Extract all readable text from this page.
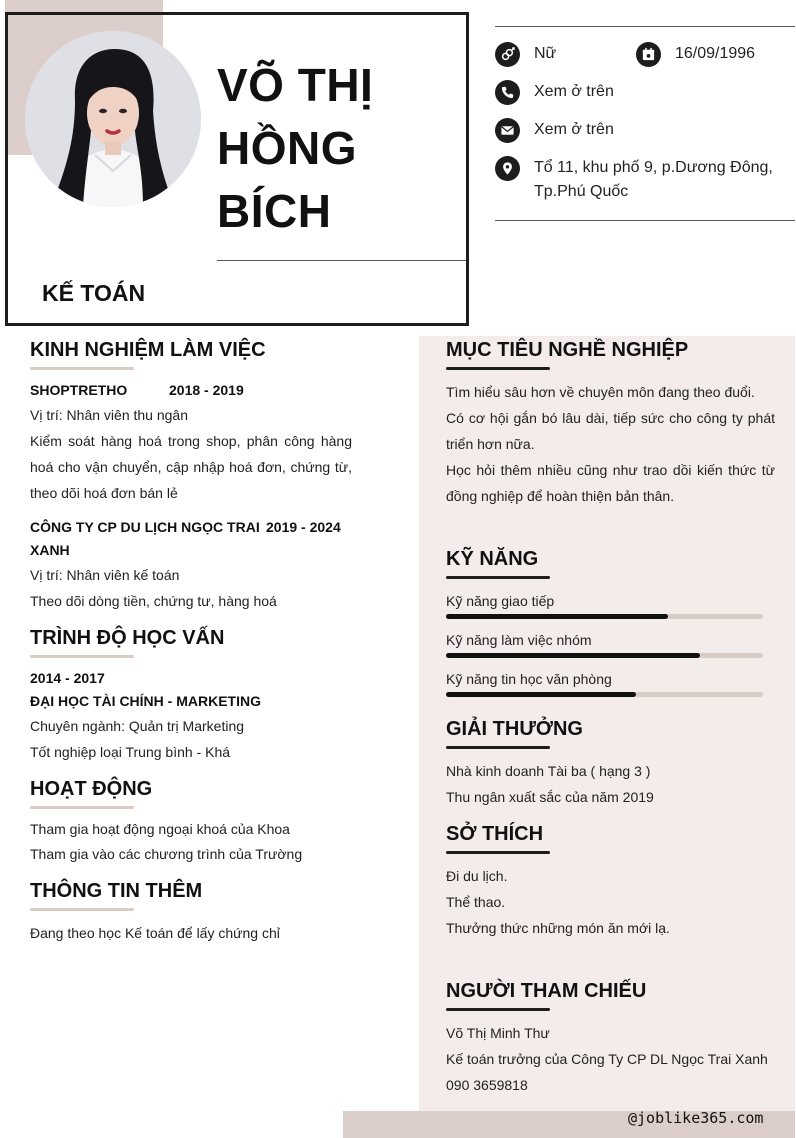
VÕ THỊ
HỒNG
BÍCH
KẾ TOÁN
Nữ	16/09/1996
Xem ở trên
Xem ở trên
Tổ 11, khu phố 9, p.Dương Đông,
Tp.Phú Quốc
@joblike365.com
KINH NGHIỆM LÀM VIỆC
SHOPTRETHO	2018 - 2019
Vị trí: Nhân viên thu ngân
Kiểm soát hàng hoá trong shop, phân công hàng hoá cho vận chuyển, cập nhập hoá đơn, chứng từ, theo dõi hoá đơn bán lẻ
CÔNG TY CP DU LỊCH NGỌC TRAI 2019 - 2024
XANH
Vị trí: Nhân viên kế toán
Theo dõi dòng tiền, chứng tư, hàng hoá
TRÌNH ĐỘ HỌC VẤN
2014 - 2017
ĐẠI HỌC TÀI CHÍNH - MARKETING
Chuyên ngành: Quản trị Marketing
Tốt nghiệp loại Trung bình - Khá
HOẠT ĐỘNG
Tham gia hoạt động ngoại khoá của Khoa
Tham gia vào các chương trình của Trường
THÔNG TIN THÊM
Đang theo học Kế toán để lấy chứng chỉ
MỤC TIÊU NGHỀ NGHIỆP
Tìm hiểu sâu hơn về chuyên môn đang theo đuổi.
Có cơ hội gắn bó lâu dài, tiếp sức cho công ty phát triển hơn nữa.
Học hỏi thêm nhiều cũng như trao dồi kiến thức từ đồng nghiệp để hoàn thiện bản thân.
KỸ NĂNG
Kỹ năng giao tiếp
Kỹ năng làm việc nhóm
Kỹ năng tin học văn phòng
GIẢI THƯỞNG
Nhà kinh doanh Tài ba ( hạng 3 )
Thu ngân xuất sắc của năm 2019
SỞ THÍCH
Đi du lịch.
Thể thao.
Thưởng thức những món ăn mới lạ.
NGƯỜI THAM CHIẾU
Võ Thị Minh Thư
Kế toán trưởng của Công Ty CP DL Ngọc Trai Xanh
090 3659818
